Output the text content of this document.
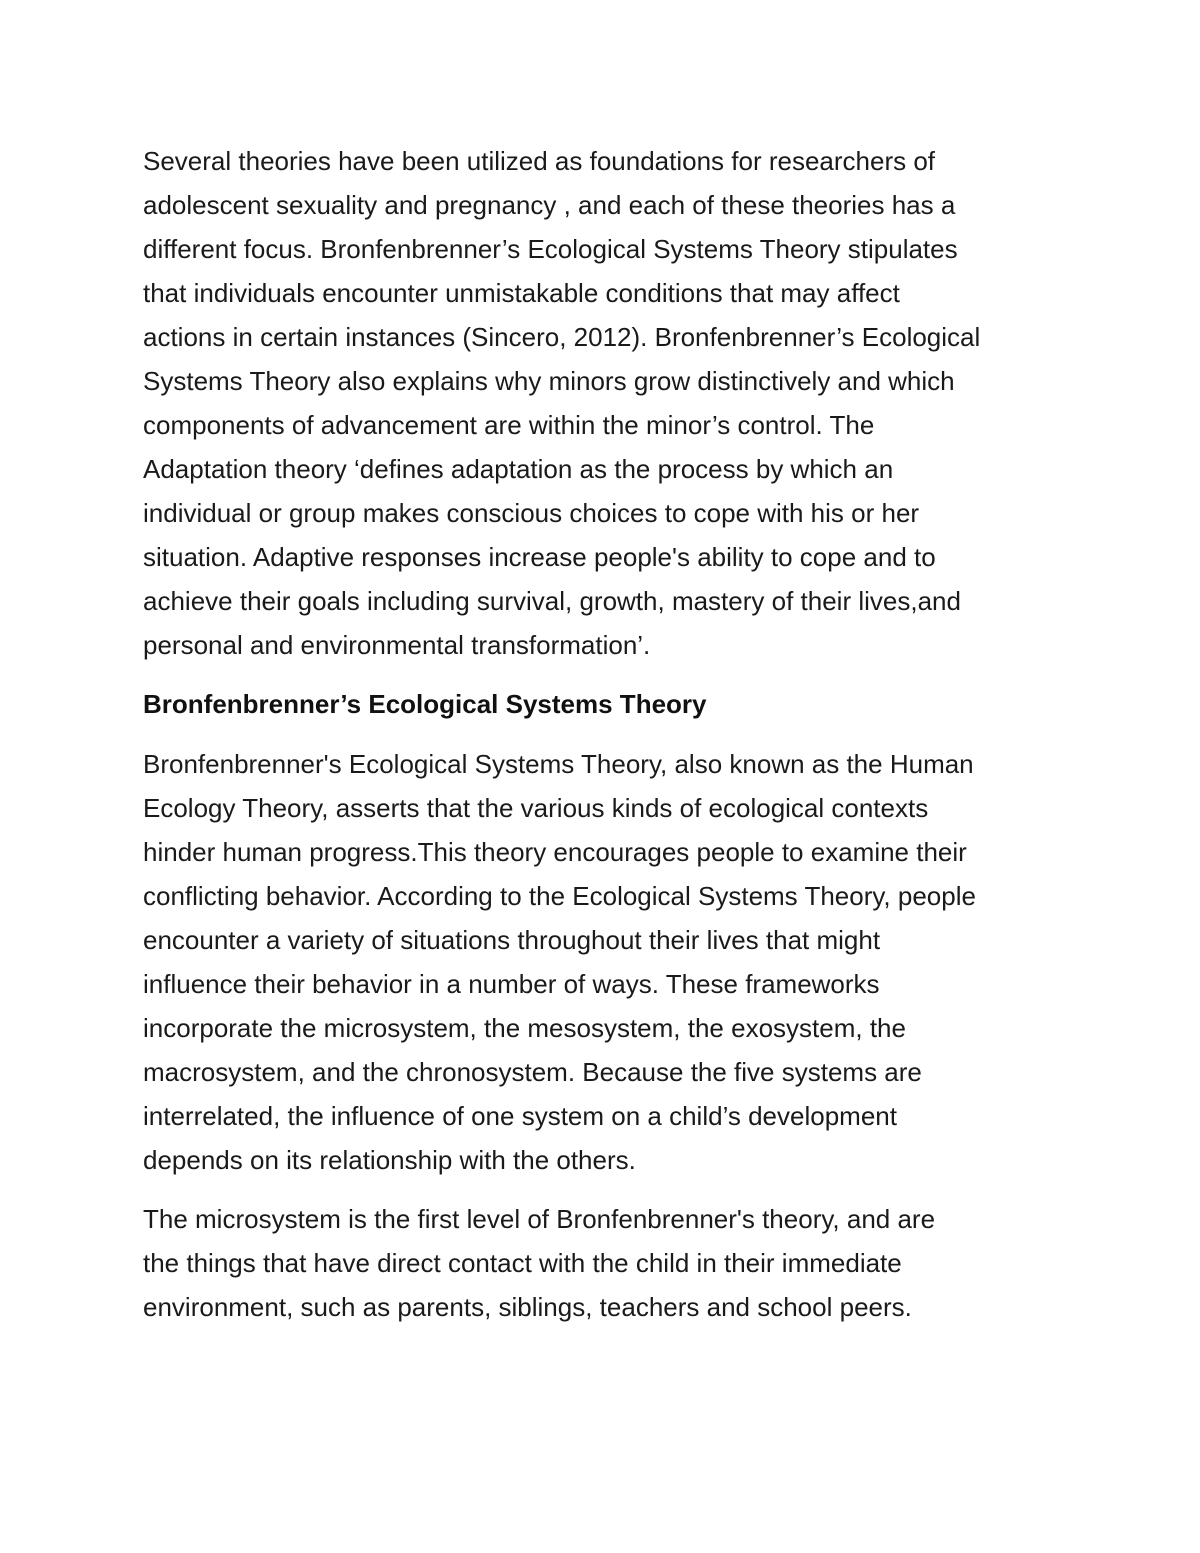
Several theories have been utilized as foundations for researchers of
adolescent sexuality and pregnancy , and each of these theories has a
different focus. Bronfenbrenner’s Ecological Systems Theory stipulates
that individuals encounter unmistakable conditions that may affect
actions in certain instances (Sincero, 2012). Bronfenbrenner’s Ecological
Systems Theory also explains why minors grow distinctively and which
components of advancement are within the minor’s control. The
Adaptation theory ‘defines adaptation as the process by which an
individual or group makes conscious choices to cope with his or her
situation. Adaptive responses increase people's ability to cope and to
achieve their goals including survival, growth, mastery of their lives,and
personal and environmental transformation’.

Bronfenbrenner’s Ecological Systems Theory

Bronfenbrenner's Ecological Systems Theory, also known as the Human
Ecology Theory, asserts that the various kinds of ecological contexts
hinder human progress.This theory encourages people to examine their
conflicting behavior. According to the Ecological Systems Theory, people
encounter a variety of situations throughout their lives that might
influence their behavior in a number of ways. These frameworks
incorporate the microsystem, the mesosystem, the exosystem, the
macrosystem, and the chronosystem. Because the five systems are
interrelated, the influence of one system on a child’s development
depends on its relationship with the others.

The microsystem is the first level of Bronfenbrenner's theory, and are
the things that have direct contact with the child in their immediate
environment, such as parents, siblings, teachers and school peers.
